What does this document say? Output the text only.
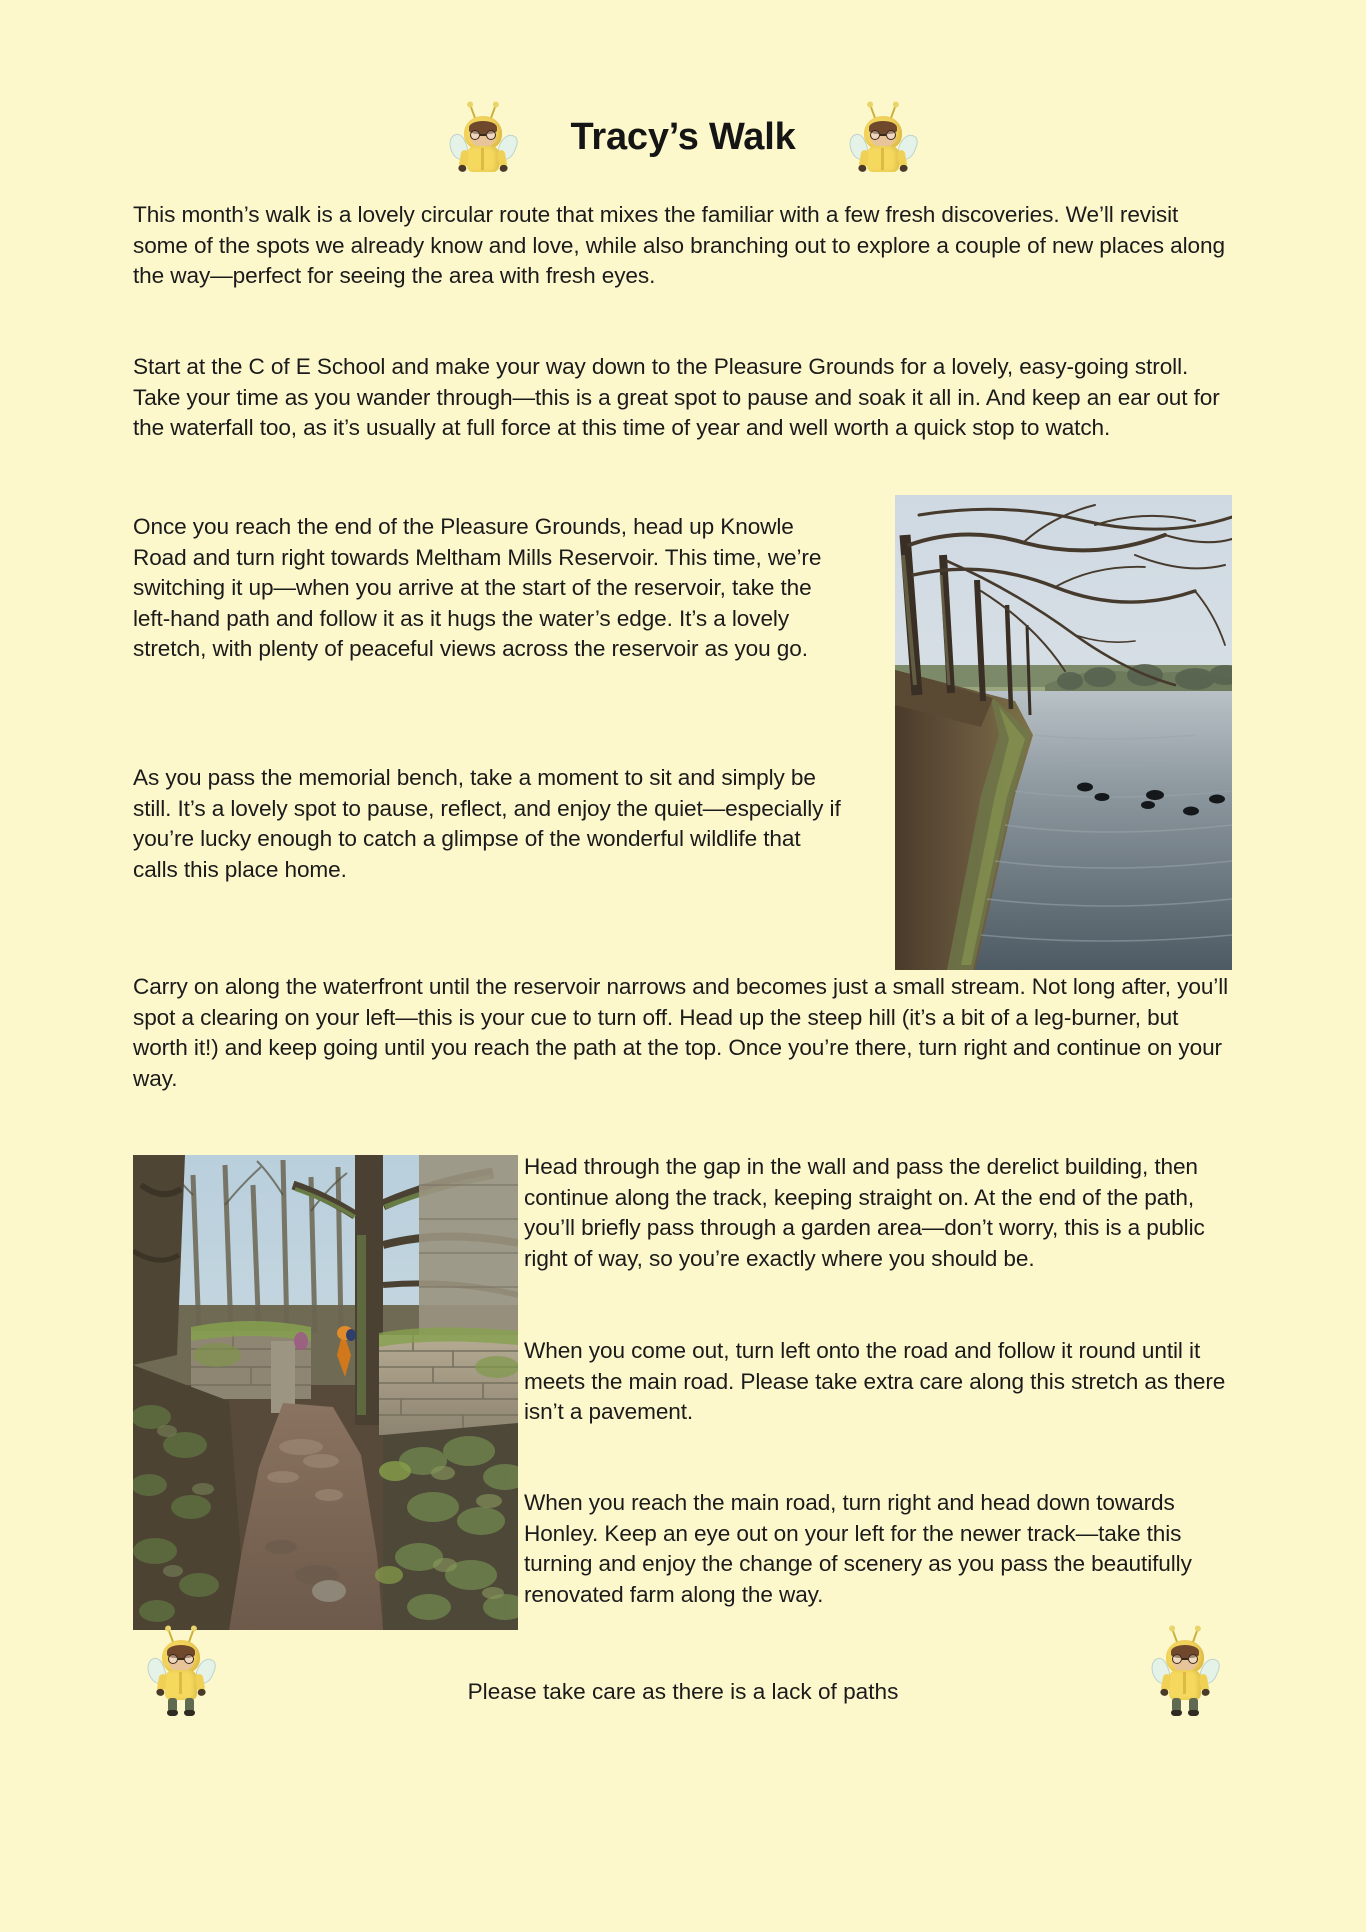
Tracy’s Walk

This month’s walk is a lovely circular route that mixes the familiar with a few fresh discoveries. We’ll revisit some of the spots we already know and love, while also branching out to explore a couple of new places along the way—perfect for seeing the area with fresh eyes.

Start at the C of E School and make your way down to the Pleasure Grounds for a lovely, easy-going stroll. Take your time as you wander through—this is a great spot to pause and soak it all in. And keep an ear out for the waterfall too, as it’s usually at full force at this time of year and well worth a quick stop to watch.

Once you reach the end of the Pleasure Grounds, head up Knowle Road and turn right towards Meltham Mills Reservoir. This time, we’re switching it up—when you arrive at the start of the reservoir, take the left-hand path and follow it as it hugs the water’s edge. It’s a lovely stretch, with plenty of peaceful views across the reservoir as you go.

As you pass the memorial bench, take a moment to sit and simply be still. It’s a lovely spot to pause, reflect, and enjoy the quiet—especially if you’re lucky enough to catch a glimpse of the wonderful wildlife that calls this place home.

Carry on along the waterfront until the reservoir narrows and becomes just a small stream. Not long after, you’ll spot a clearing on your left—this is your cue to turn off. Head up the steep hill (it’s a bit of a leg-burner, but worth it!) and keep going until you reach the path at the top. Once you’re there, turn right and continue on your way.

Head through the gap in the wall and pass the derelict building, then continue along the track, keeping straight on. At the end of the path, you’ll briefly pass through a garden area—don’t worry, this is a public right of way, so you’re exactly where you should be.

When you come out, turn left onto the road and follow it round until it meets the main road. Please take extra care along this stretch as there isn’t a pavement.

When you reach the main road, turn right and head down towards Honley. Keep an eye out on your left for the newer track—take this turning and enjoy the change of scenery as you pass the beautifully renovated farm along the way.

Please take care as there is a lack of paths
